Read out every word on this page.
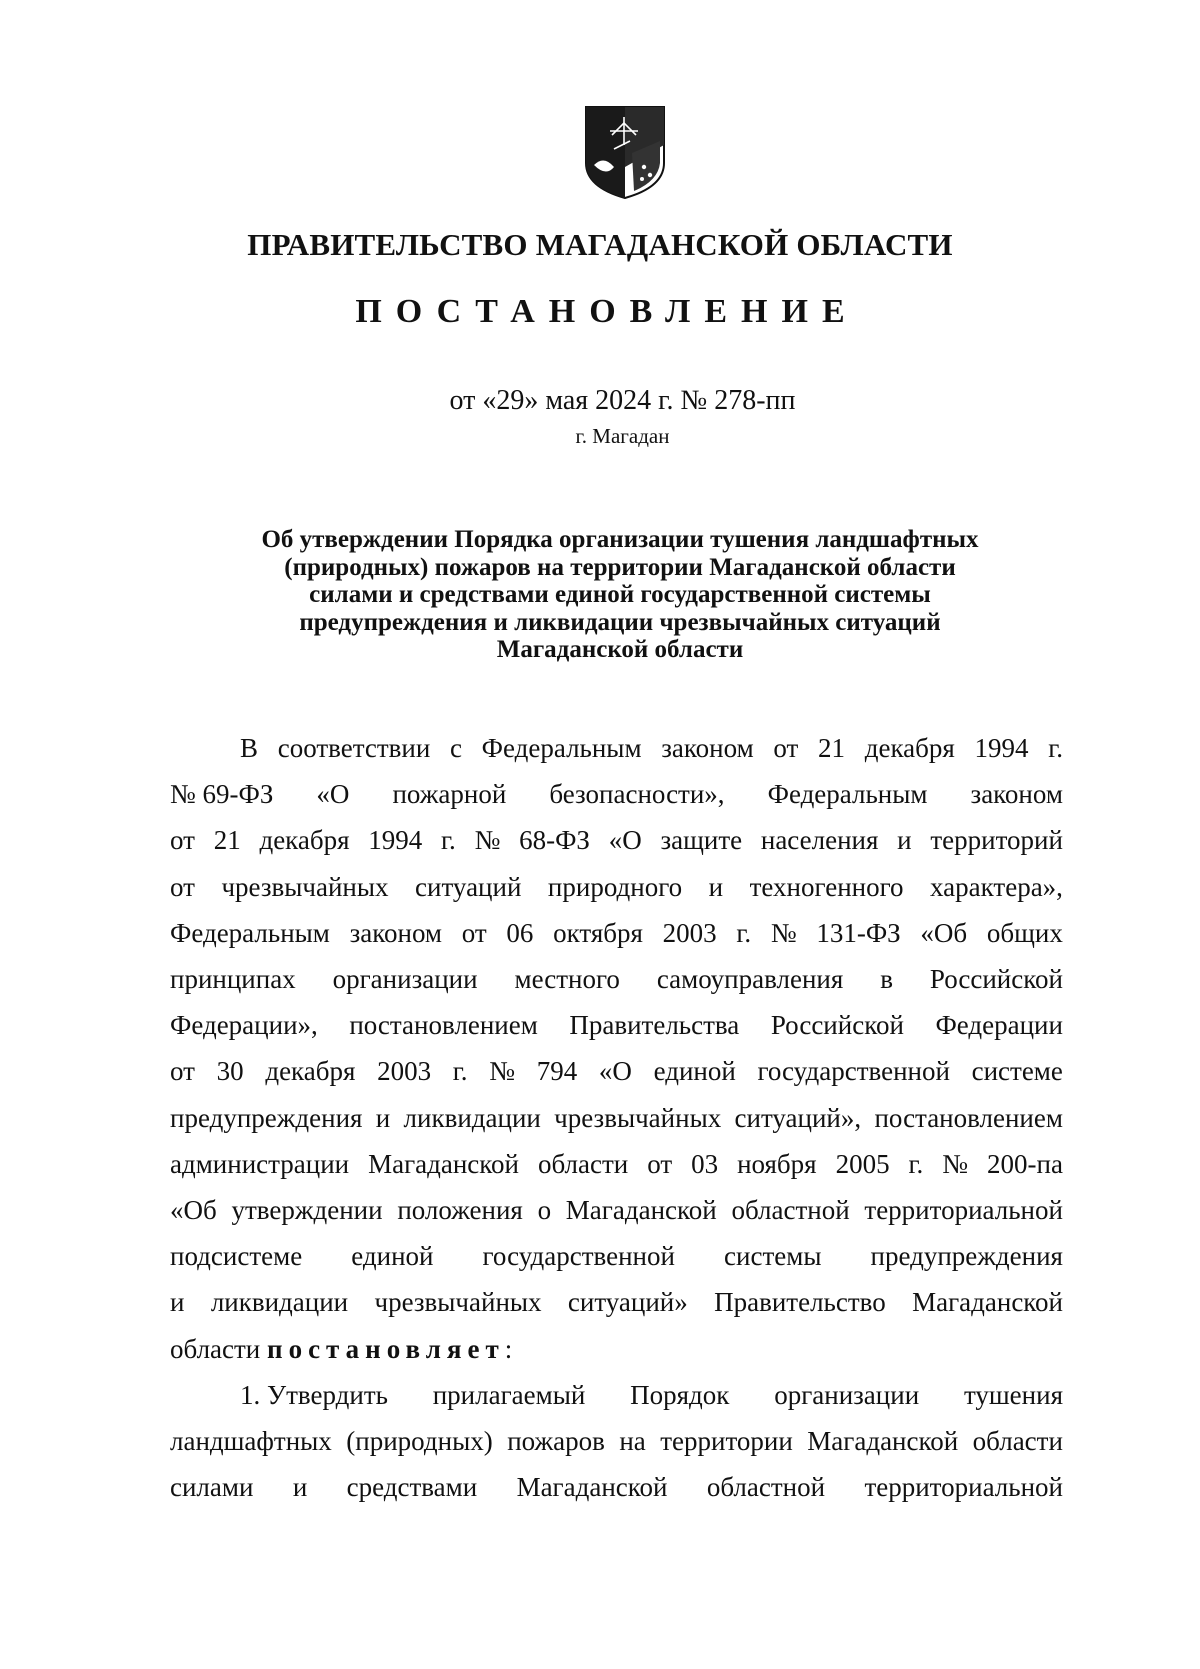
ПРАВИТЕЛЬСТВО МАГАДАНСКОЙ ОБЛАСТИ
ПОСТАНОВЛЕНИЕ
от «29» мая 2024 г. № 278-пп
г. Магадан
Об утверждении Порядка организации тушения ландшафтных
(природных) пожаров на территории Магаданской области
силами и средствами единой государственной системы
предупреждения и ликвидации чрезвычайных ситуаций
Магаданской области
области постановляет:
В соответствии с Федеральным законом от 21 декабря 1994 г.
№ 69-ФЗ «О пожарной безопасности», Федеральным законом
от 21 декабря 1994 г. № 68-ФЗ «О защите населения и территорий
от чрезвычайных ситуаций природного и техногенного характера»,
Федеральным законом от 06 октября 2003 г. № 131-ФЗ «Об общих
принципах организации местного самоуправления в Российской
Федерации», постановлением Правительства Российской Федерации
от 30 декабря 2003 г. № 794 «О единой государственной системе
предупреждения и ликвидации чрезвычайных ситуаций», постановлением
администрации Магаданской области от 03 ноября 2005 г. № 200-па
«Об утверждении положения о Магаданской областной территориальной
подсистеме единой государственной системы предупреждения
и ликвидации чрезвычайных ситуаций» Правительство Магаданской
1. Утвердить прилагаемый Порядок организации тушения
ландшафтных (природных) пожаров на территории Магаданской области
силами и средствами Магаданской областной территориальной
